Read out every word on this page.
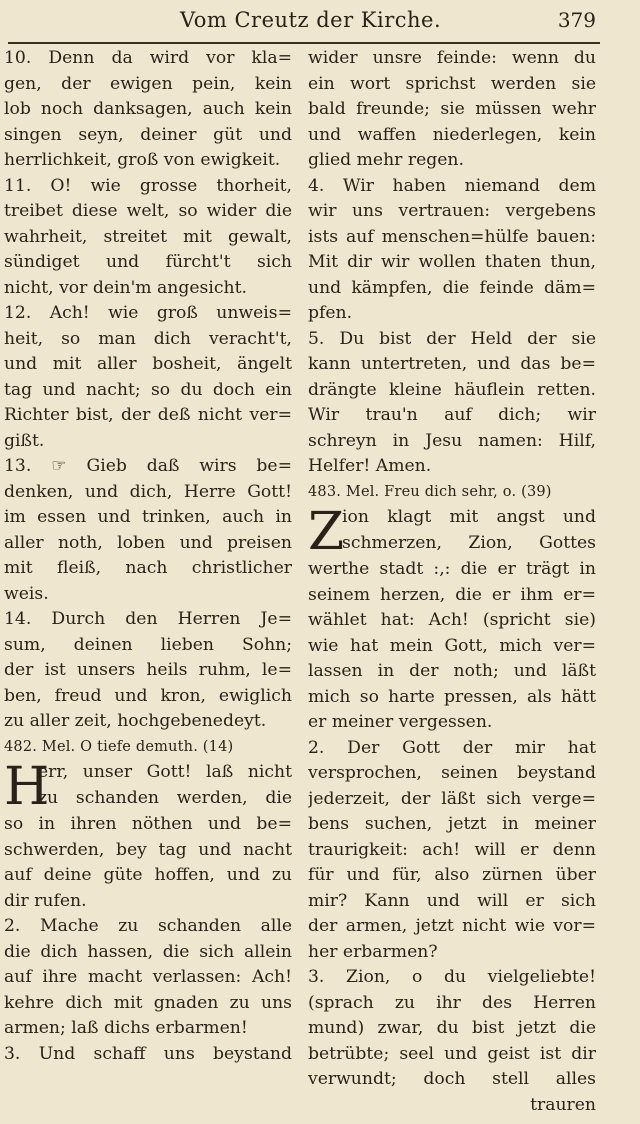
Vom Creutz der Kirche.	379
10. Denn da wird vor kla=
gen, der ewigen pein, kein
lob noch danksagen, auch kein
singen seyn, deiner güt und
herrlichkeit, groß von ewigkeit.
11. O! wie grosse thorheit,
treibet diese welt, so wider die
wahrheit, streitet mit gewalt,
sündiget und fürcht't sich
nicht, vor dein'm angesicht.
12. Ach! wie groß unweis=
heit, so man dich veracht't,
und mit aller bosheit, ängelt
tag und nacht; so du doch ein
Richter bist, der deß nicht ver=
gißt.
13. ☞ Gieb daß wirs be=
denken, und dich, Herre Gott!
im essen und trinken, auch in
aller noth, loben und preisen
mit fleiß, nach christlicher
weis.
14. Durch den Herren Je=
sum, deinen lieben Sohn;
der ist unsers heils ruhm, le=
ben, freud und kron, ewiglich
zu aller zeit, hochgebenedeyt.
482. Mel. O tiefe demuth. (14)
H
err, unser Gott! laß nicht
zu schanden werden, die
so in ihren nöthen und be=
schwerden, bey tag und nacht
auf deine güte hoffen, und zu
dir rufen.
2. Mache zu schanden alle
die dich hassen, die sich allein
auf ihre macht verlassen: Ach!
kehre dich mit gnaden zu uns
armen; laß dichs erbarmen!
3. Und schaff uns beystand
wider unsre feinde: wenn du
ein wort sprichst werden sie
bald freunde; sie müssen wehr
und waffen niederlegen, kein
glied mehr regen.
4. Wir haben niemand dem
wir uns vertrauen: vergebens
ists auf menschen=hülfe bauen:
Mit dir wir wollen thaten thun,
und kämpfen, die feinde däm=
pfen.
5. Du bist der Held der sie
kann untertreten, und das be=
drängte kleine häuflein retten.
Wir trau'n auf dich; wir
schreyn in Jesu namen: Hilf,
Helfer! Amen.
483. Mel. Freu dich sehr, o. (39)
Z
ion klagt mit angst und
schmerzen, Zion, Gottes
werthe stadt :,: die er trägt in
seinem herzen, die er ihm er=
wählet hat: Ach! (spricht sie)
wie hat mein Gott, mich ver=
lassen in der noth; und läßt
mich so harte pressen, als hätt
er meiner vergessen.
2. Der Gott der mir hat
versprochen, seinen beystand
jederzeit, der läßt sich verge=
bens suchen, jetzt in meiner
traurigkeit: ach! will er denn
für und für, also zürnen über
mir? Kann und will er sich
der armen, jetzt nicht wie vor=
her erbarmen?
3. Zion, o du vielgeliebte!
(sprach zu ihr des Herren
mund) zwar, du bist jetzt die
betrübte; seel und geist ist dir
verwundt; doch stell alles
trauren
